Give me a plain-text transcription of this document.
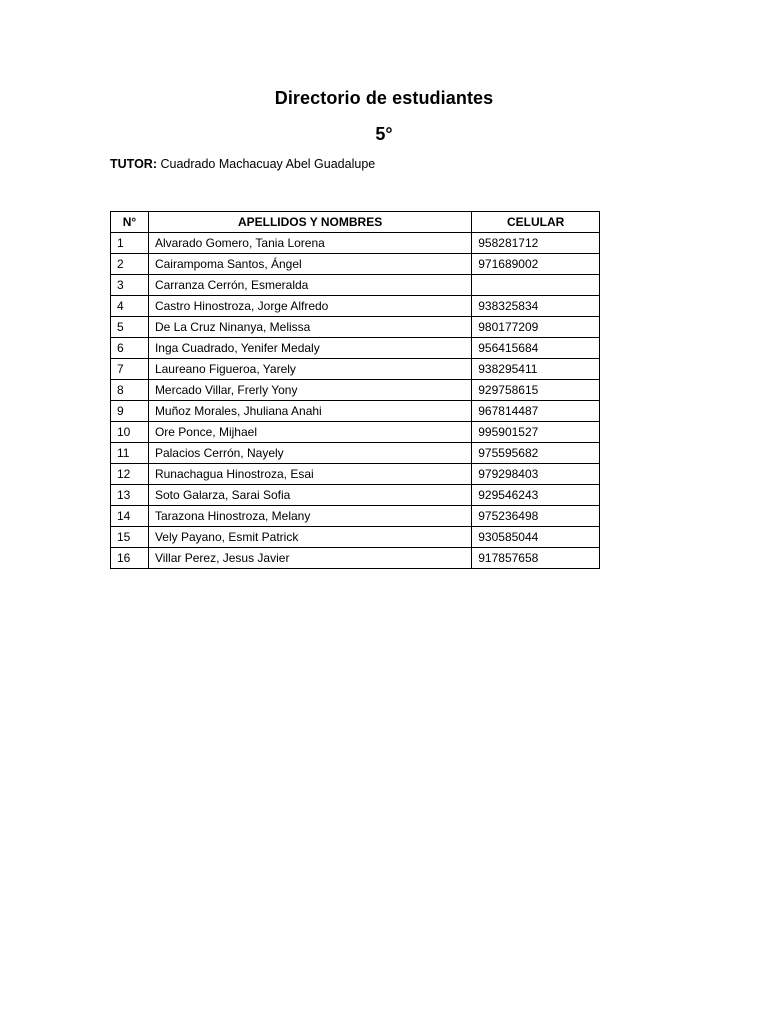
Directorio de estudiantes
5°

TUTOR: Cuadrado Machacuay Abel Guadalupe

N°	APELLIDOS Y NOMBRES	CELULAR
1	Alvarado Gomero, Tania Lorena	958281712
2	Cairampoma Santos, Ángel	971689002
3	Carranza Cerrón, Esmeralda	
4	Castro Hinostroza, Jorge Alfredo	938325834
5	De La Cruz Ninanya, Melissa	980177209
6	Inga Cuadrado, Yenifer Medaly	956415684
7	Laureano Figueroa, Yarely	938295411
8	Mercado Villar, Frerly Yony	929758615
9	Muñoz Morales, Jhuliana Anahi	967814487
10	Ore Ponce, Mijhael	995901527
11	Palacios Cerrón, Nayely	975595682
12	Runachagua Hinostroza, Esai	979298403
13	Soto Galarza, Sarai Sofia	929546243
14	Tarazona Hinostroza, Melany	975236498
15	Vely Payano, Esmit Patrick	930585044
16	Villar Perez, Jesus Javier	917857658
